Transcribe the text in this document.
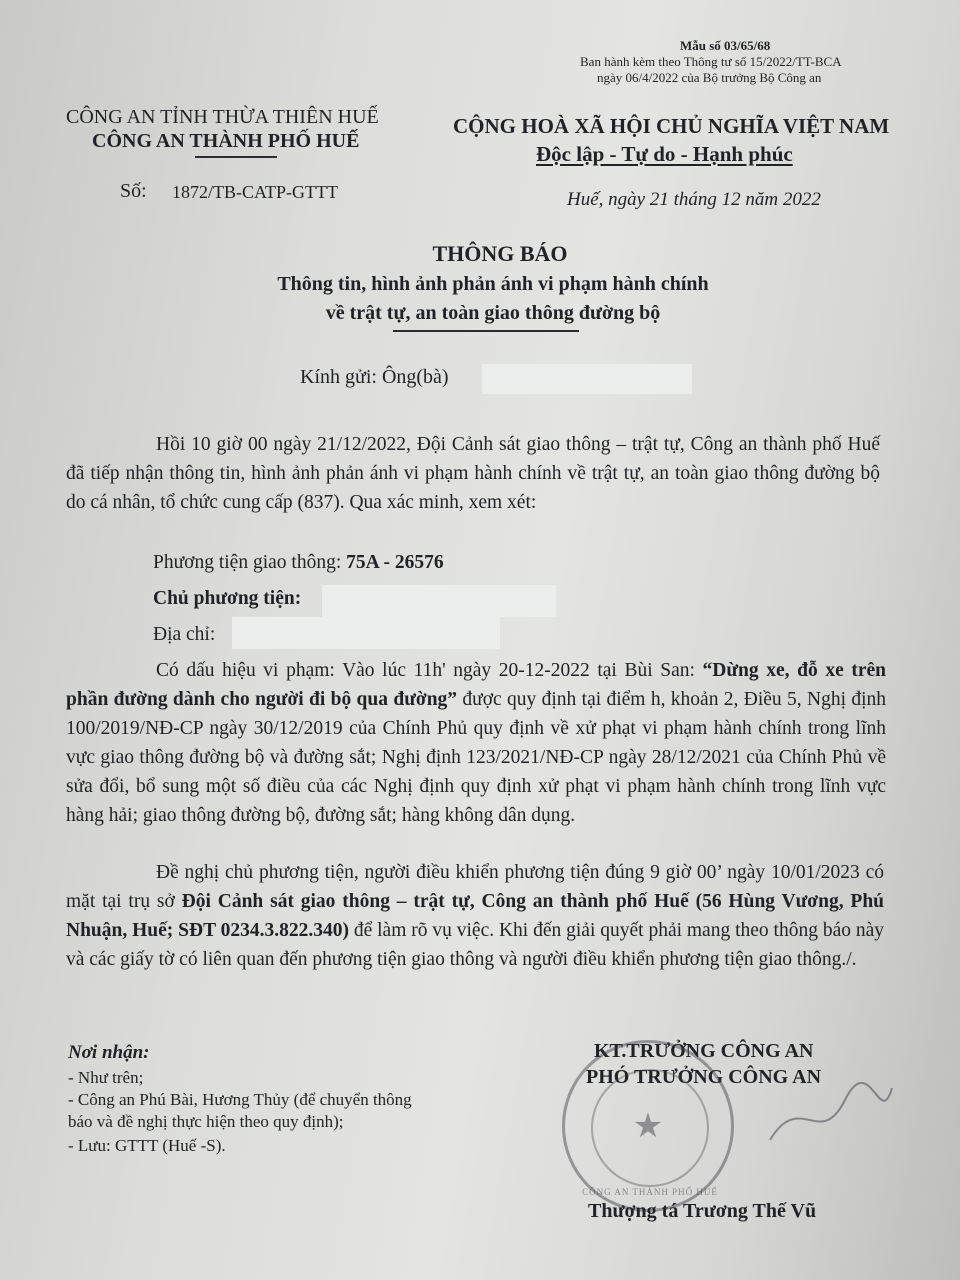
Mẫu số 03/65/68
Ban hành kèm theo Thông tư số 15/2022/TT-BCA
ngày 06/4/2022 của Bộ trưởng Bộ Công an
CÔNG AN TỈNH THỪA THIÊN HUẾ
CÔNG AN THÀNH PHỐ HUẾ
CỘNG HOÀ XÃ HỘI CHỦ NGHĨA VIỆT NAM
Độc lập - Tự do - Hạnh phúc
Số: 1872/TB-CATP-GTTT	Huế, ngày 21 tháng 12 năm 2022
THÔNG BÁO
Thông tin, hình ảnh phản ánh vi phạm hành chính
về trật tự, an toàn giao thông đường bộ
Kính gửi: Ông(bà)
Hồi 10 giờ 00 ngày 21/12/2022, Đội Cảnh sát giao thông – trật tự, Công an thành phố Huế đã tiếp nhận thông tin, hình ảnh phản ánh vi phạm hành chính về trật tự, an toàn giao thông đường bộ do cá nhân, tổ chức cung cấp (837). Qua xác minh, xem xét:
Phương tiện giao thông: 75A - 26576
Chủ phương tiện:
Địa chỉ:
Có dấu hiệu vi phạm: Vào lúc 11h' ngày 20-12-2022 tại Bùi San: “Dừng xe, đỗ xe trên phần đường dành cho người đi bộ qua đường” được quy định tại điểm h, khoản 2, Điều 5, Nghị định 100/2019/NĐ-CP ngày 30/12/2019 của Chính Phủ quy định về xử phạt vi phạm hành chính trong lĩnh vực giao thông đường bộ và đường sắt; Nghị định 123/2021/NĐ-CP ngày 28/12/2021 của Chính Phủ về sửa đổi, bổ sung một số điều của các Nghị định quy định xử phạt vi phạm hành chính trong lĩnh vực hàng hải; giao thông đường bộ, đường sắt; hàng không dân dụng.
Đề nghị chủ phương tiện, người điều khiển phương tiện đúng 9 giờ 00’ ngày 10/01/2023 có mặt tại trụ sở Đội Cảnh sát giao thông – trật tự, Công an thành phố Huế (56 Hùng Vương, Phú Nhuận, Huế; SĐT 0234.3.822.340) để làm rõ vụ việc. Khi đến giải quyết phải mang theo thông báo này và các giấy tờ có liên quan đến phương tiện giao thông và người điều khiển phương tiện giao thông./.
Nơi nhận:
- Như trên;
- Công an Phú Bài, Hương Thủy (để chuyển thông
báo và đề nghị thực hiện theo quy định);
- Lưu: GTTT (Huế -S).
KT.TRƯỞNG CÔNG AN
PHÓ TRƯỞNG CÔNG AN
★
CÔNG AN THÀNH PHỐ HUẾ
Thượng tá Trương Thế Vũ
